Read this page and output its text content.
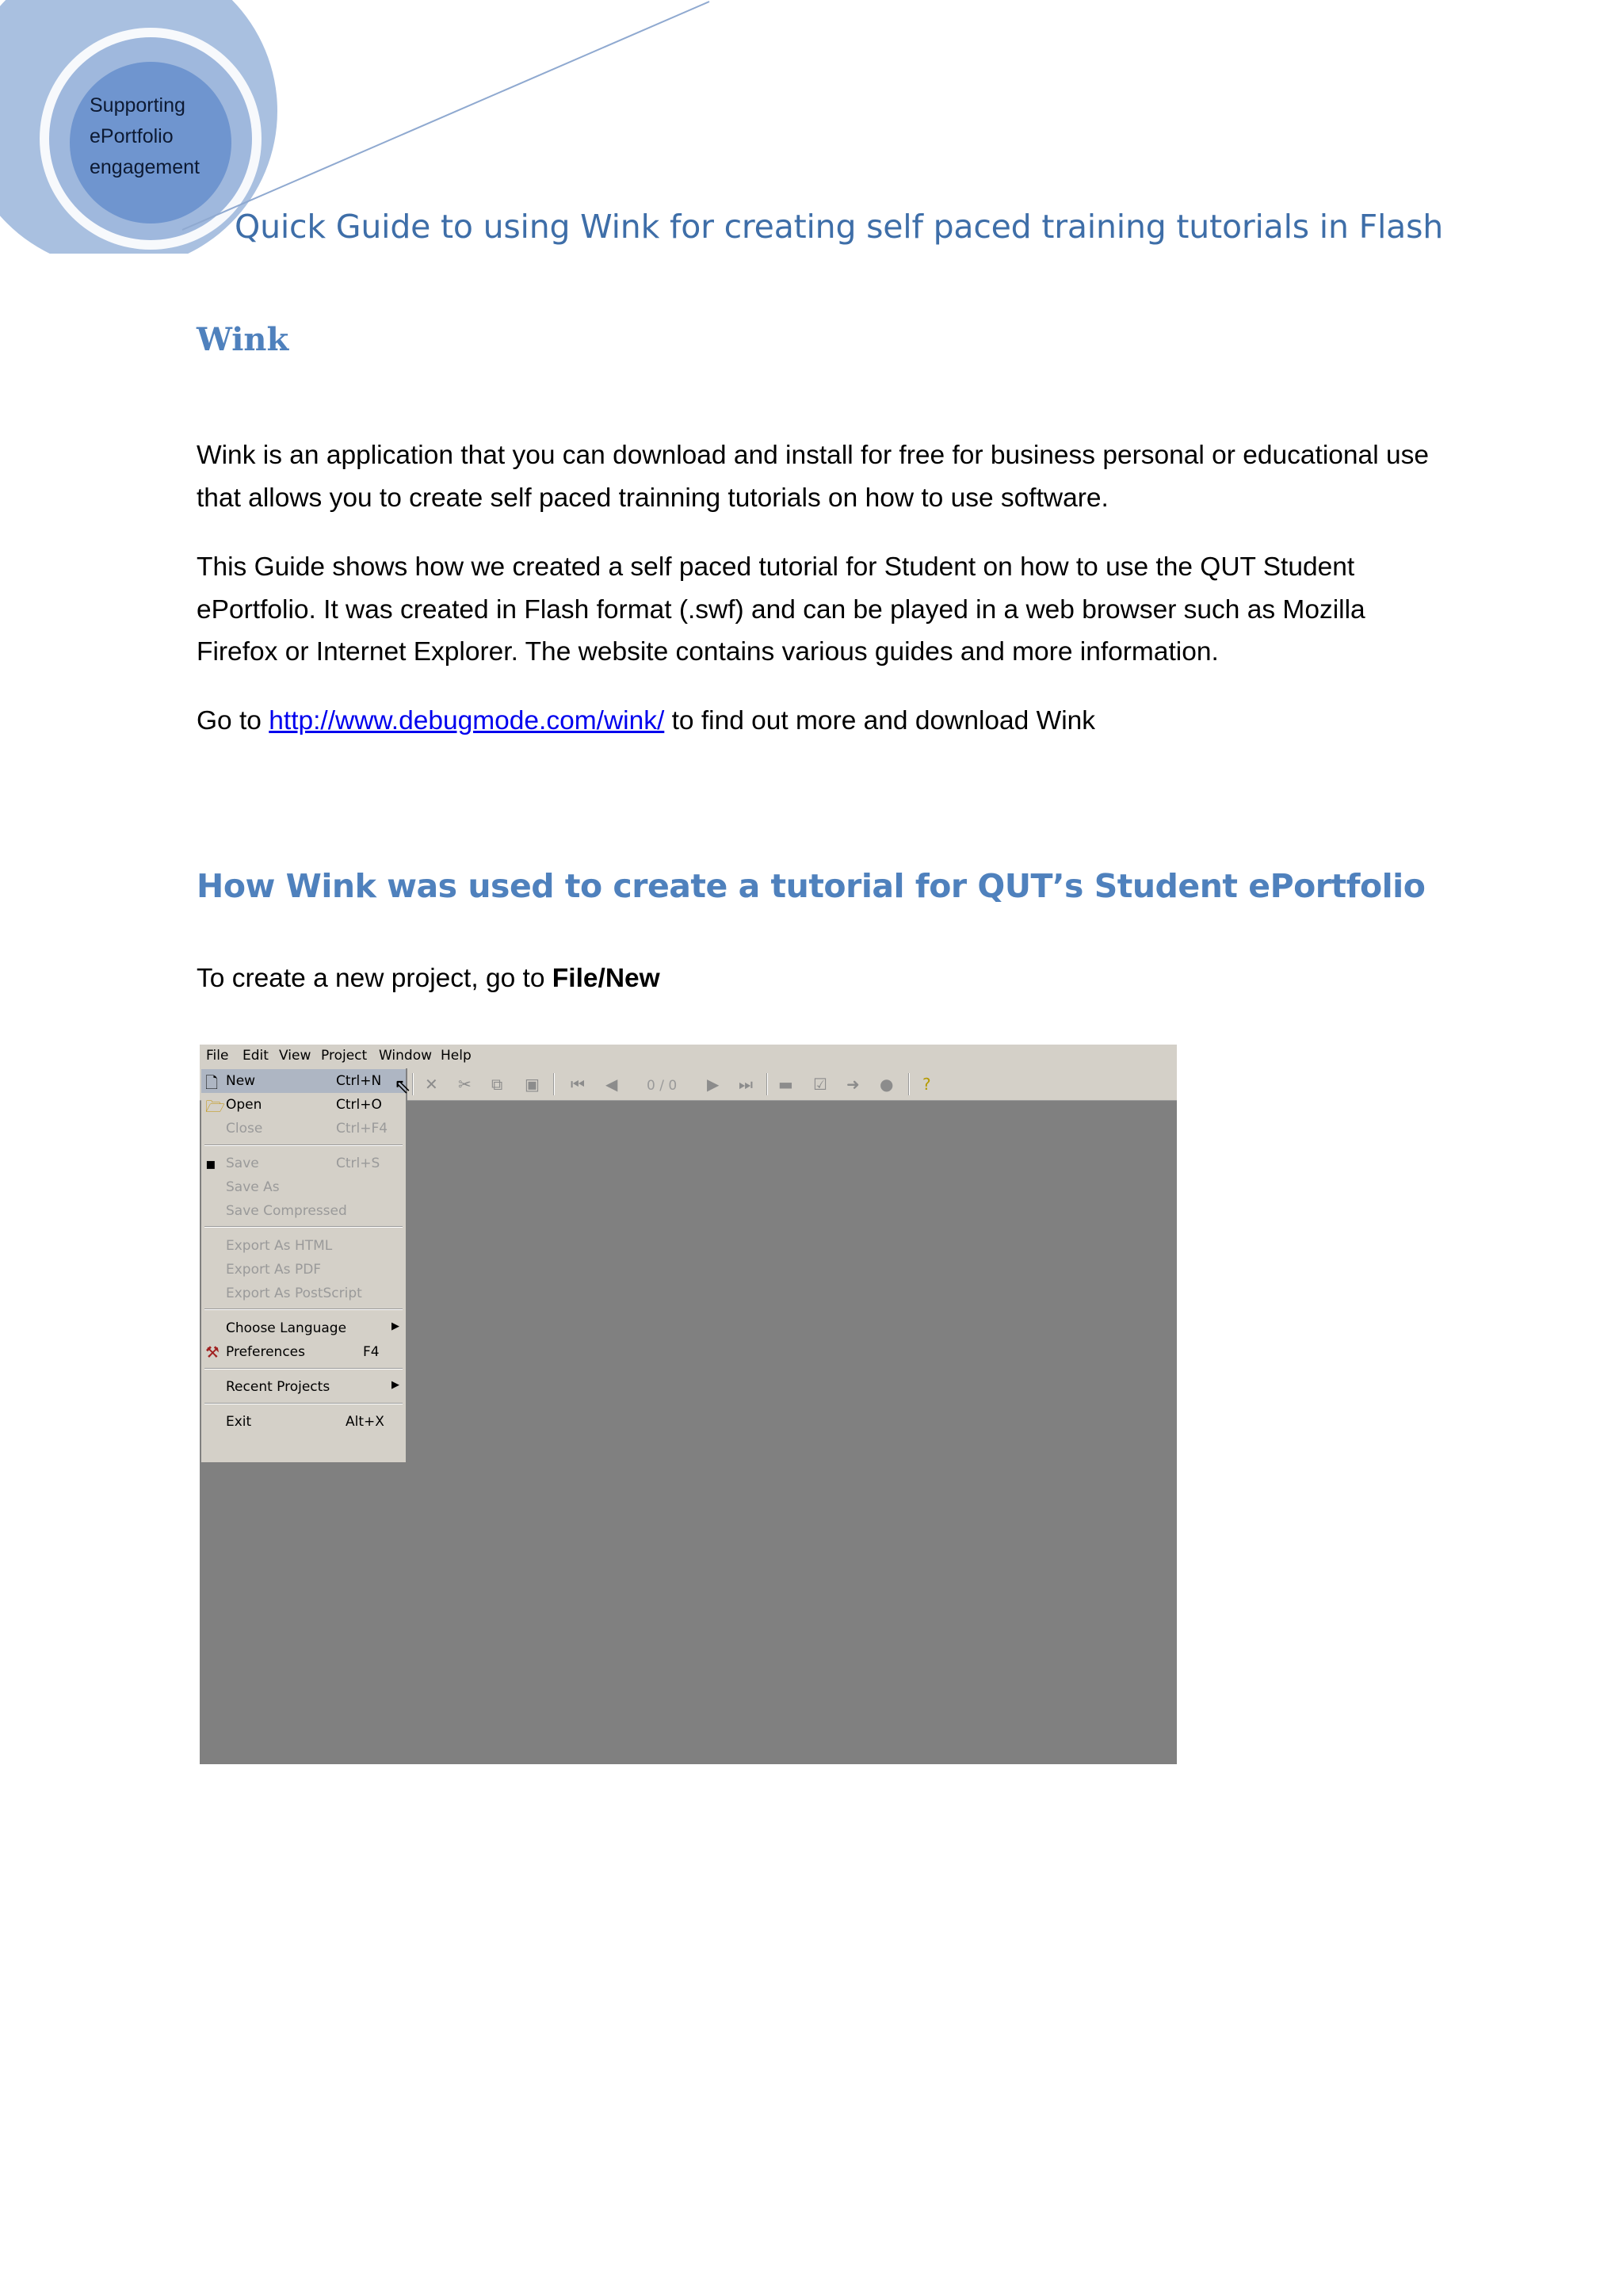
Supporting
ePortfolio
engagement
Quick Guide to using Wink for creating self paced training tutorials in Flash
Wink
Wink is an application that you can download and install for free for business personal or educational use that allows you to create self paced trainning tutorials on how to use software.
This Guide shows how we created a self paced tutorial for Student on how to use the QUT Student ePortfolio. It was created in Flash format (.swf) and can be played in a web browser such as Mozilla Firefox or Internet Explorer. The website contains various guides and more information.
Go to http://www.debugmode.com/wink/ to find out more and download Wink
How Wink was used to create a tutorial for QUT’s Student ePortfolio
To create a new project, go to File/New
File Edit View Project Window Help
✕ ✂ ⧉ ▣ ⏮ ◀ 0 / 0 ▶ ⏭ ▬ ☑ ➜ ● ?
🗋 New	Ctrl+N
🗁 Open	Ctrl+O
Close	Ctrl+F4
▪ Save	Ctrl+S
Save As
Save Compressed
Export As HTML
Export As PDF
Export As PostScript
Choose Language	▶
⚒ Preferences	F4
Recent Projects	▶
Exit	Alt+X
⇖
